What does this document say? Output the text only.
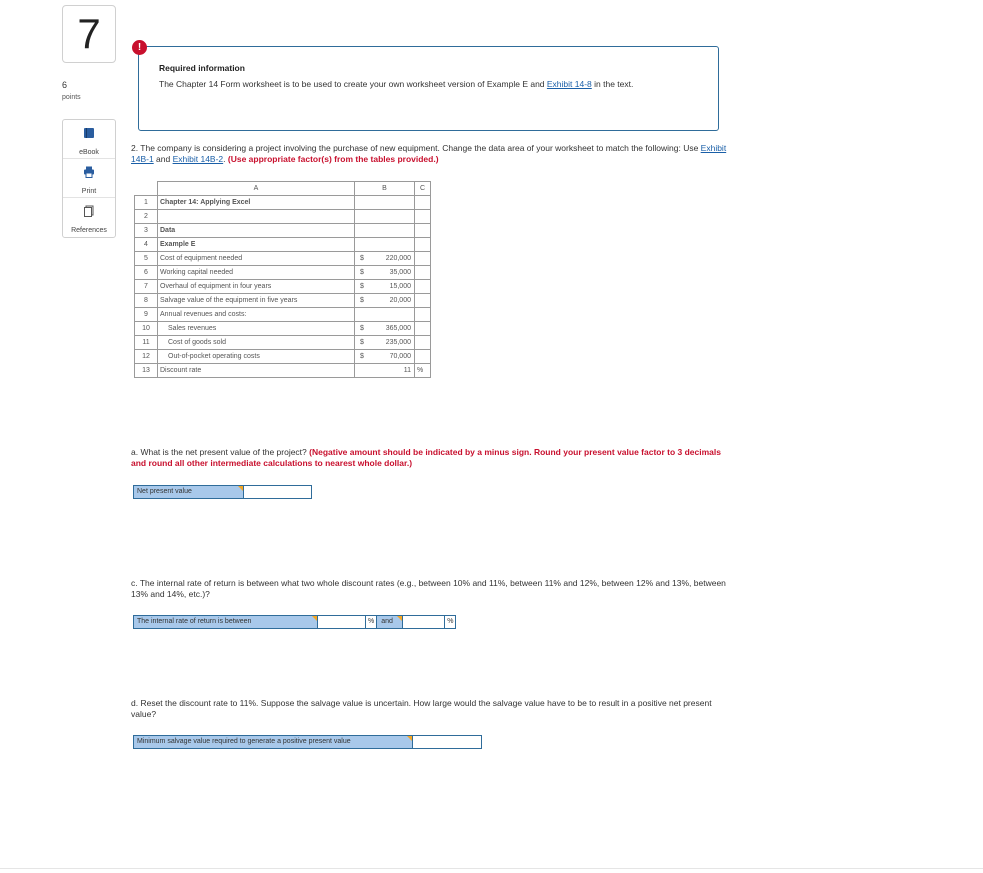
7
6
points
eBook
Print
References
Required information
The Chapter 14 Form worksheet is to be used to create your own worksheet version of Example E and Exhibit 14-8 in the text.
!
2. The company is considering a project involving the purchase of new equipment. Change the data area of your worksheet to match the following: Use Exhibit 14B-1 and Exhibit 14B-2. (Use appropriate factor(s) from the tables provided.)
	A	B		C
1	Chapter 14: Applying Excel			
2				
3	Data			
4	Example E			
5	Cost of equipment needed	$	220,000	
6	Working capital needed	$	35,000	
7	Overhaul of equipment in four years	$	15,000	
8	Salvage value of the equipment in five years	$	20,000	
9	Annual revenues and costs:			
10	Sales revenues	$	365,000	
11	Cost of goods sold	$	235,000	
12	Out-of-pocket operating costs	$	70,000	
13	Discount rate		11	%
a. What is the net present value of the project? (Negative amount should be indicated by a minus sign. Round your present value factor to 3 decimals and round all other intermediate calculations to nearest whole dollar.)
Net present value
c. The internal rate of return is between what two whole discount rates (e.g., between 10% and 11%, between 11% and 12%, between 12% and 13%, between 13% and 14%, etc.)?
The internal rate of return is between	%	and	%
d. Reset the discount rate to 11%. Suppose the salvage value is uncertain. How large would the salvage value have to be to result in a positive net present value?
Minimum salvage value required to generate a positive present value
